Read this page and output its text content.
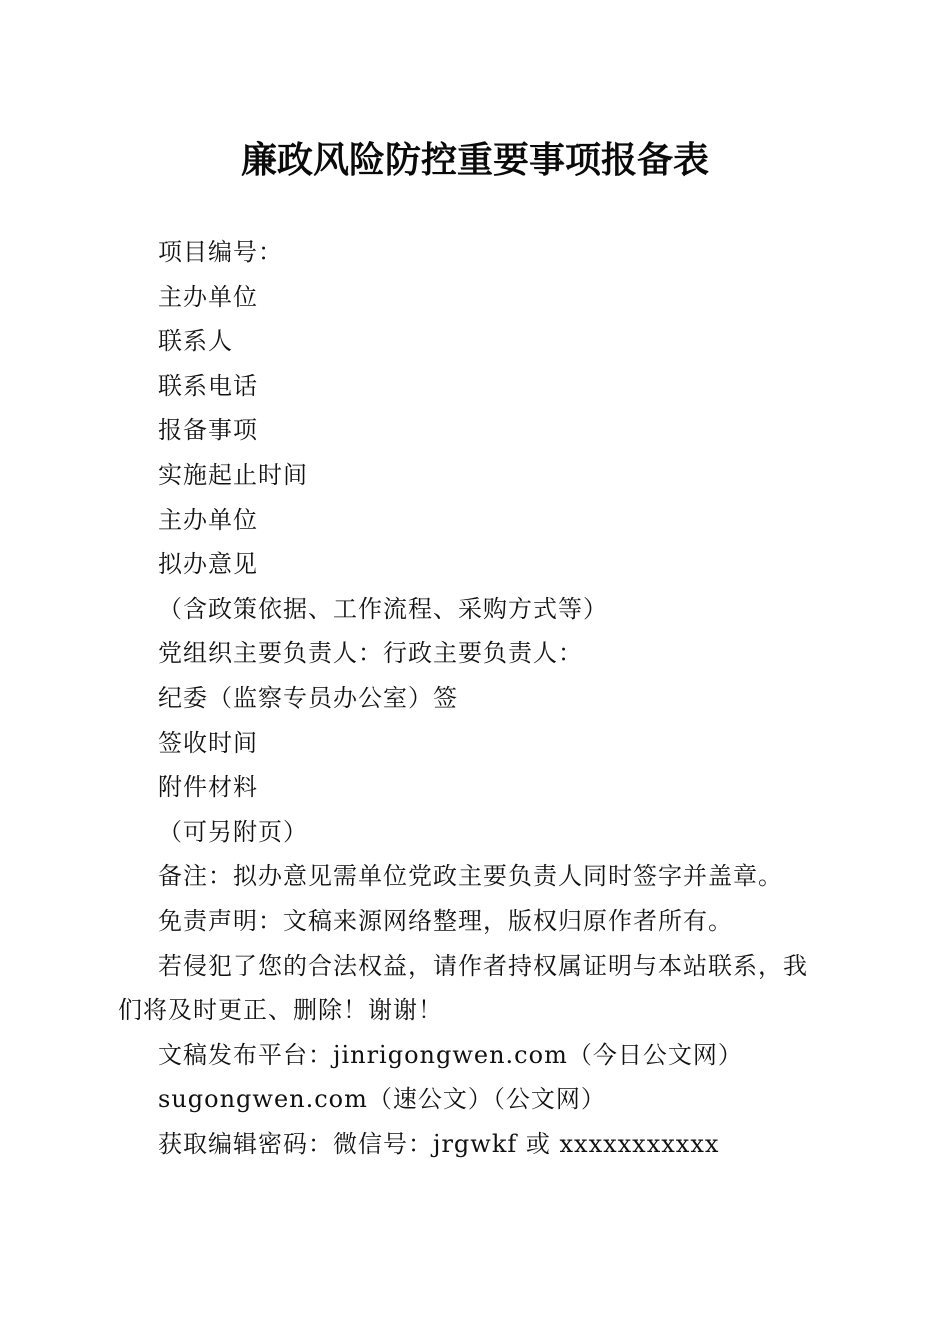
廉政风险防控重要事项报备表
项目编号：
主办单位
联系人
联系电话
报备事项
实施起止时间
主办单位
拟办意见
（含政策依据、工作流程、采购方式等）
党组织主要负责人：行政主要负责人：
纪委（监察专员办公室）签
签收时间
附件材料
（可另附页）
备注：拟办意见需单位党政主要负责人同时签字并盖章。
免责声明：文稿来源网络整理，版权归原作者所有。
若侵犯了您的合法权益，请作者持权属证明与本站联系，我们将及时更正、删除！谢谢！
文稿发布平台：jinrigongwen.com（今日公文网）
sugongwen.com（速公文）（公文网）
获取编辑密码：微信号：jrgwkf 或 xxxxxxxxxxx
